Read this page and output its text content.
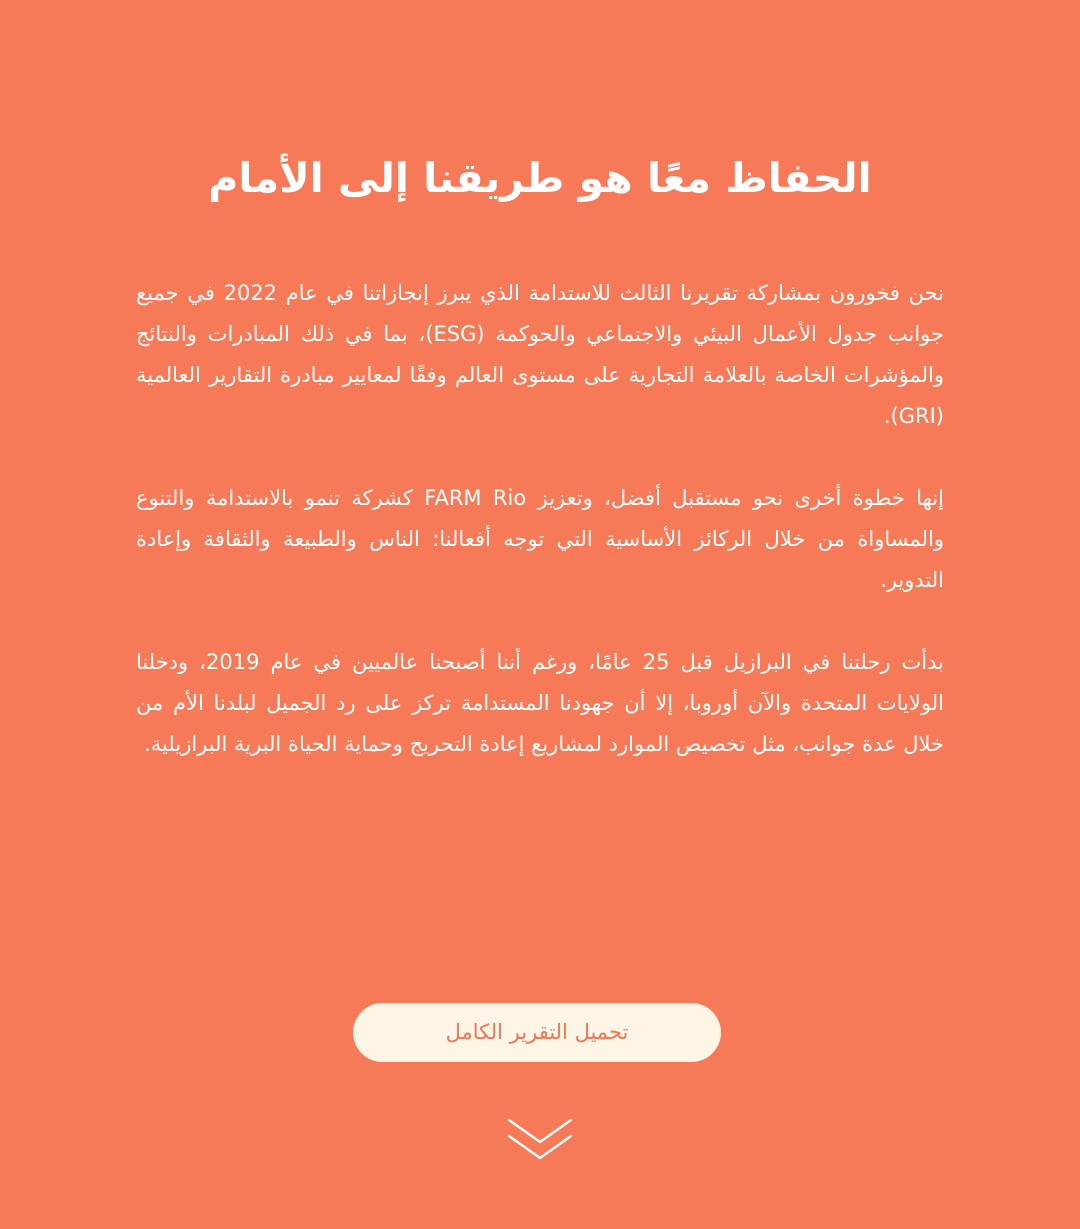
الحفاظ معًا هو طريقنا إلى الأمام

نحن فخورون بمشاركة تقريرنا الثالث للاستدامة الذي يبرز إنجازاتنا في عام 2022 في جميع جوانب جدول الأعمال البيئي والاجتماعي والحوكمة (ESG)، بما في ذلك المبادرات والنتائج والمؤشرات الخاصة بالعلامة التجارية على مستوى العالم وفقًا لمعايير مبادرة التقارير العالمية (GRI).

إنها خطوة أخرى نحو مستقبل أفضل، وتعزيز FARM Rio كشركة تنمو بالاستدامة والتنوع والمساواة من خلال الركائز الأساسية التي توجه أفعالنا: الناس والطبيعة والثقافة وإعادة التدوير.

بدأت رحلتنا في البرازيل قبل 25 عامًا، ورغم أننا أصبحنا عالميين في عام 2019، ودخلنا الولايات المتحدة والآن أوروبا، إلا أن جهودنا المستدامة تركز على رد الجميل لبلدنا الأم من خلال عدة جوانب، مثل تخصيص الموارد لمشاريع إعادة التحريج وحماية الحياة البرية البرازيلية.

تحميل التقرير الكامل
